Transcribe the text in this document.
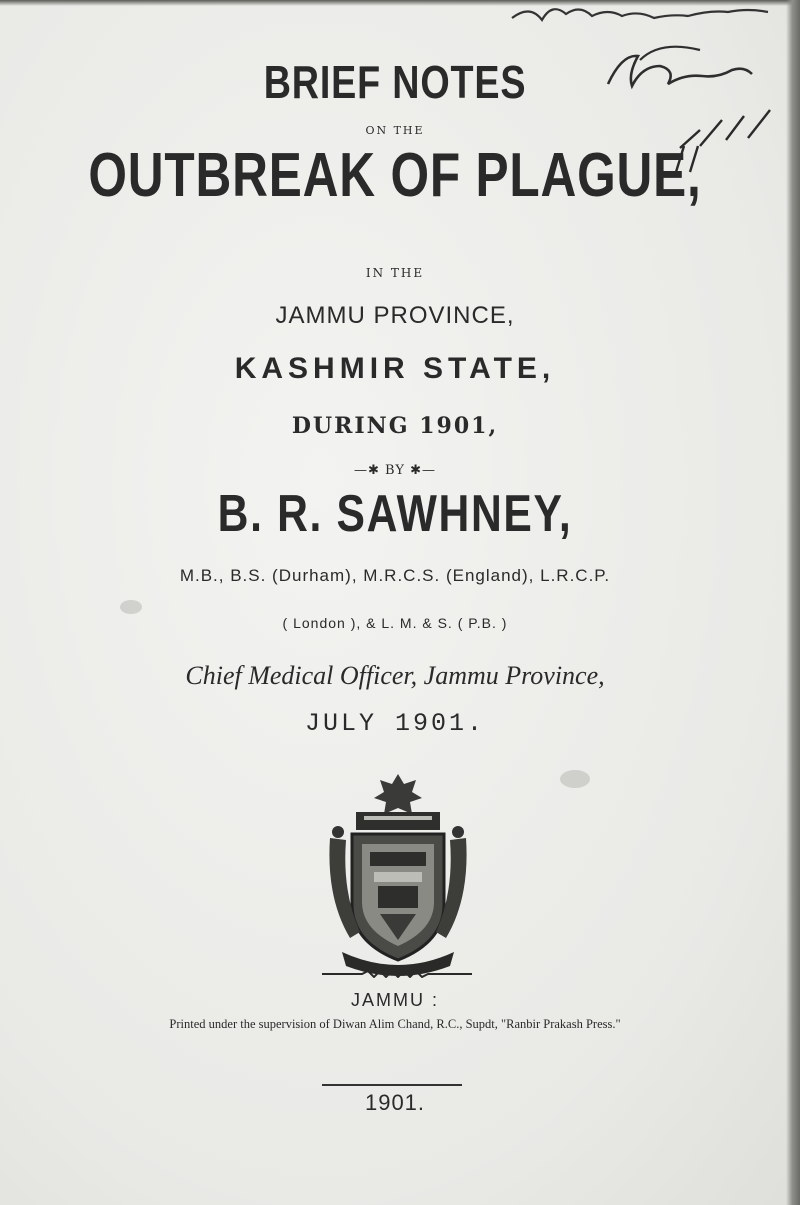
BRIEF NOTES
ON THE
OUTBREAK OF PLAGUE,
IN THE
JAMMU PROVINCE,
KASHMIR STATE,
DURING 1901,
—✱ BY ✱—
B. R. SAWHNEY,
M.B., B.S. (Durham), M.R.C.S. (England), L.R.C.P.
( London ), & L. M. & S. ( P.B. )
Chief Medical Officer, Jammu Province,
JULY 1901.
JAMMU :
Printed under the supervision of Diwan Alim Chand, R.C., Supdt, "Ranbir Prakash Press."
1901.
